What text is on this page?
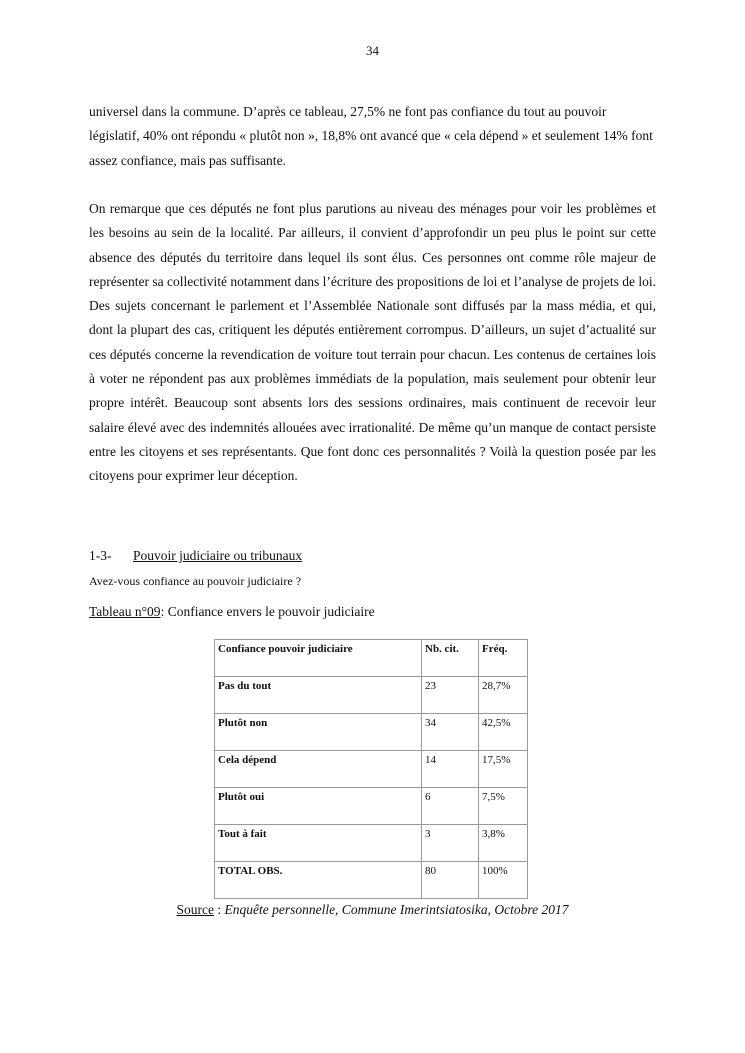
34

universel dans la commune. D’après ce tableau, 27,5% ne font pas confiance du tout au pouvoir législatif, 40% ont répondu « plutôt non », 18,8% ont avancé que « cela dépend » et seulement 14% font assez confiance, mais pas suffisante.

On remarque que ces députés ne font plus parutions au niveau des ménages pour voir les problèmes et les besoins au sein de la localité. Par ailleurs, il convient d’approfondir un peu plus le point sur cette absence des députés du territoire dans lequel ils sont élus. Ces personnes ont comme rôle majeur de représenter sa collectivité notamment dans l’écriture des propositions de loi et l’analyse de projets de loi. Des sujets concernant le parlement et l’Assemblée Nationale sont diffusés par la mass média, et qui, dont la plupart des cas, critiquent les députés entièrement corrompus. D’ailleurs, un sujet d’actualité sur ces députés concerne la revendication de voiture tout terrain pour chacun. Les contenus de certaines lois à voter ne répondent pas aux problèmes immédiats de la population, mais seulement pour obtenir leur propre intérêt. Beaucoup sont absents lors des sessions ordinaires, mais continuent de recevoir leur salaire élevé avec des indemnités allouées avec irrationalité. De même qu’un manque de contact persiste entre les citoyens et ses représentants. Que font donc ces personnalités ? Voilà la question posée par les citoyens pour exprimer leur déception.

1-3- Pouvoir judiciaire ou tribunaux
Avez-vous confiance au pouvoir judiciaire ?
Tableau n°09: Confiance envers le pouvoir judiciaire
Confiance pouvoir judiciaire	Nb. cit.	Fréq.
Pas du tout	23	28,7%
Plutôt non	34	42,5%
Cela dépend	14	17,5%
Plutôt oui	6	7,5%
Tout à fait	3	3,8%
TOTAL OBS.	80	100%
Source : Enquête personnelle, Commune Imerintsiatosika, Octobre 2017
